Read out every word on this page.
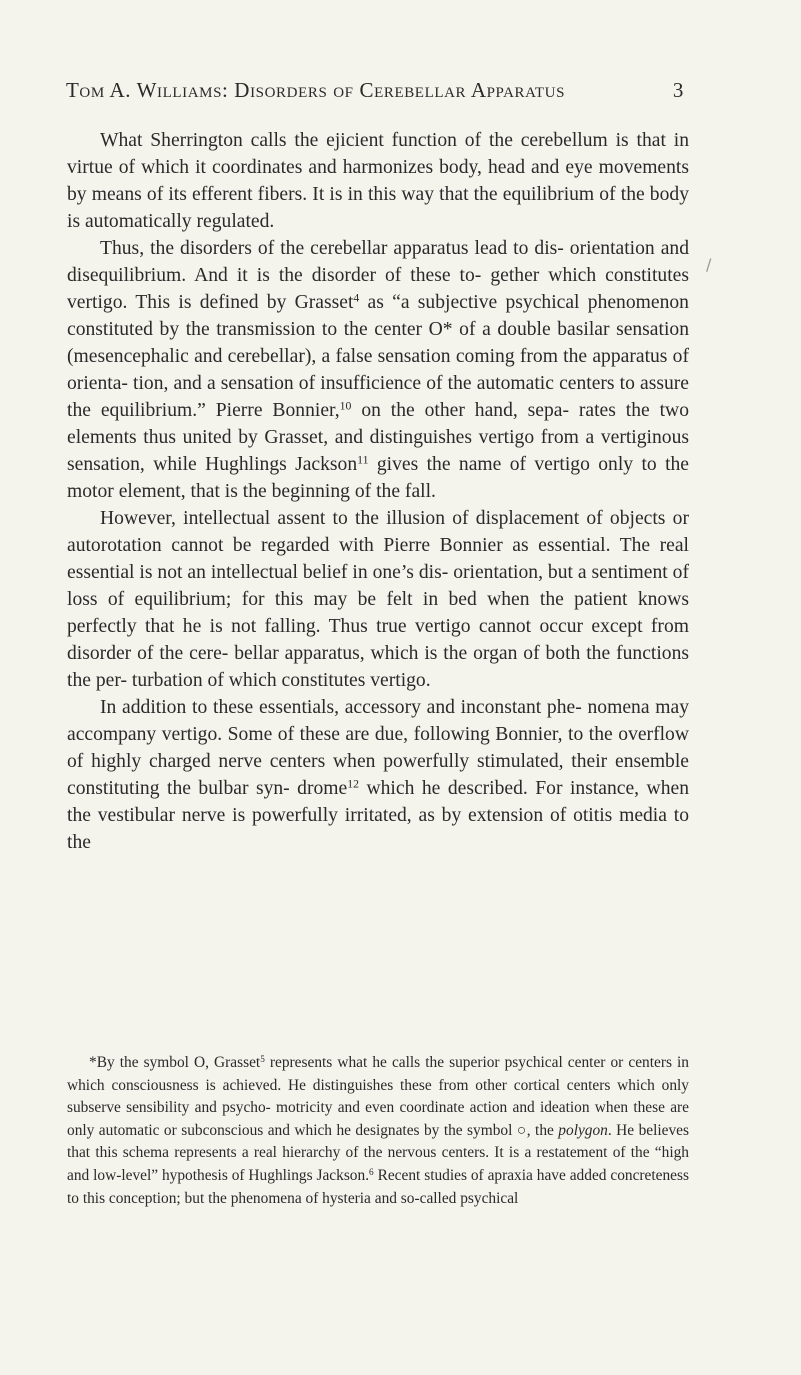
Tom A. Williams: Disorders of Cerebellar Apparatus	3
/

What Sherrington calls the ejicient function of the cerebellum is that in virtue of which it coordinates and harmonizes body, head and eye movements by means of its efferent fibers. It is in this way that the equilibrium of the body is automatically regulated.

Thus, the disorders of the cerebellar apparatus lead to dis- orientation and disequilibrium. And it is the disorder of these to- gether which constitutes vertigo. This is defined by Grasset$^4$ as “a subjective psychical phenomenon constituted by the transmission to the center O* of a double basilar sensation (mesencephalic and cerebellar), a false sensation coming from the apparatus of orienta- tion, and a sensation of insufficience of the automatic centers to assure the equilibrium.” Pierre Bonnier,$^{10}$ on the other hand, sepa- rates the two elements thus united by Grasset, and distinguishes vertigo from a vertiginous sensation, while Hughlings Jackson$^{11}$ gives the name of vertigo only to the motor element, that is the beginning of the fall.

However, intellectual assent to the illusion of displacement of objects or autorotation cannot be regarded with Pierre Bonnier as essential. The real essential is not an intellectual belief in one’s dis- orientation, but a sentiment of loss of equilibrium; for this may be felt in bed when the patient knows perfectly that he is not falling. Thus true vertigo cannot occur except from disorder of the cere- bellar apparatus, which is the organ of both the functions the per- turbation of which constitutes vertigo.

In addition to these essentials, accessory and inconstant phe- nomena may accompany vertigo. Some of these are due, following Bonnier, to the overflow of highly charged nerve centers when powerfully stimulated, their ensemble constituting the bulbar syn- drome$^{12}$ which he described. For instance, when the vestibular nerve is powerfully irritated, as by extension of otitis media to the

*By the symbol O, Grasset$^5$ represents what he calls the superior psychical center or centers in which consciousness is achieved. He distinguishes these from other cortical centers which only subserve sensibility and psycho- motricity and even coordinate action and ideation when these are only automatic or subconscious and which he designates by the symbol ○, the polygon. He believes that this schema represents a real hierarchy of the nervous centers. It is a restatement of the “high and low-level” hypothesis of Hughlings Jackson.$^6$ Recent studies of apraxia have added concreteness to this conception; but the phenomena of hysteria and so-called psychical
